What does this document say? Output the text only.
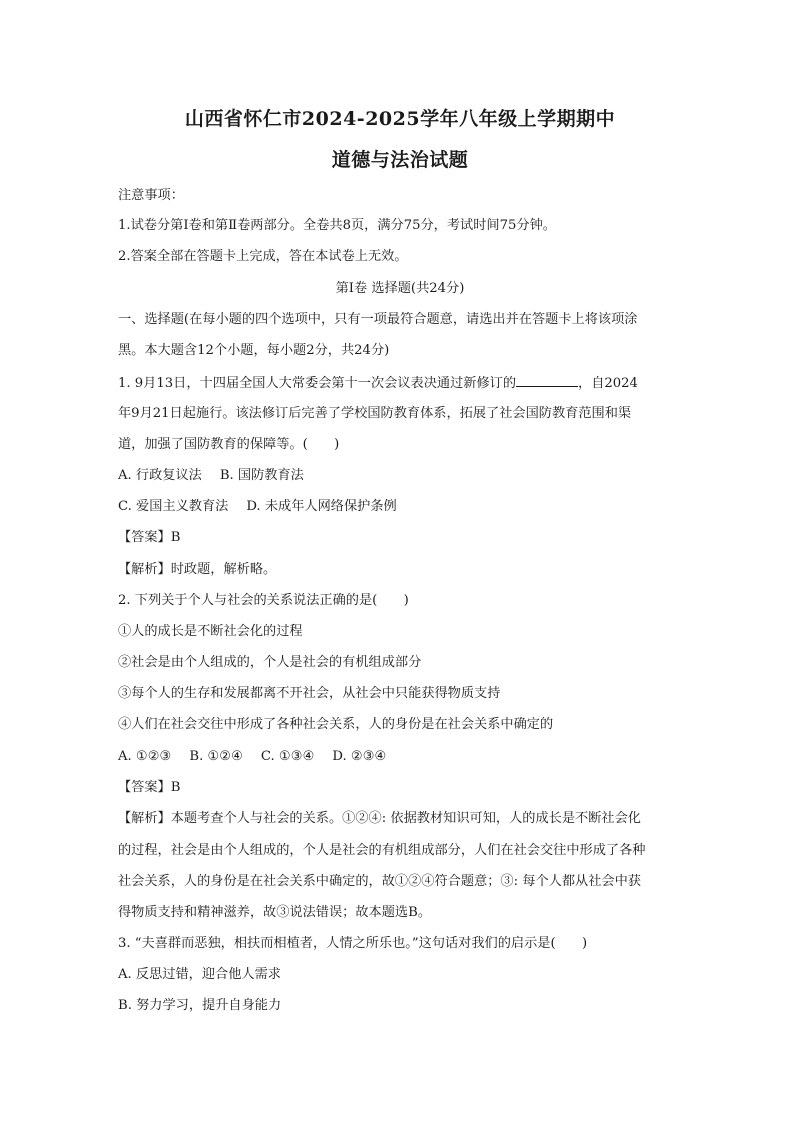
山西省怀仁市2024-2025学年八年级上学期期中
道德与法治试题
注意事项：
1.试卷分第Ⅰ卷和第Ⅱ卷两部分。全卷共8页，满分75分，考试时间75分钟。
2.答案全部在答题卡上完成，答在本试卷上无效。
第Ⅰ卷 选择题(共24分)
一、选择题(在每小题的四个选项中，只有一项最符合题意，请选出并在答题卡上将该项涂
黑。本大题含12个小题，每小题2分，共24分)
1. 9月13日，十四届全国人大常委会第十一次会议表决通过新修订的	，自2024
年9月21日起施行。该法修订后完善了学校国防教育体系，拓展了社会国防教育范围和渠
道，加强了国防教育的保障等。(　　)
A. 行政复议法 B. 国防教育法
C. 爱国主义教育法 D. 未成年人网络保护条例
【答案】B
【解析】时政题，解析略。
2. 下列关于个人与社会的关系说法正确的是(　　)
①人的成长是不断社会化的过程
②社会是由个人组成的，个人是社会的有机组成部分
③每个人的生存和发展都离不开社会，从社会中只能获得物质支持
④人们在社会交往中形成了各种社会关系，人的身份是在社会关系中确定的
A. ①②③ B. ①②④ C. ①③④ D. ②③④
【答案】B
【解析】本题考查个人与社会的关系。①②④: 依据教材知识可知，人的成长是不断社会化
的过程，社会是由个人组成的，个人是社会的有机组成部分，人们在社会交往中形成了各种
社会关系，人的身份是在社会关系中确定的，故①②④符合题意；③: 每个人都从社会中获
得物质支持和精神滋养，故③说法错误；故本题选B。
3. “夫喜群而恶独，相扶而相植者，人情之所乐也。”这句话对我们的启示是(　　)
A. 反思过错，迎合他人需求
B. 努力学习，提升自身能力
